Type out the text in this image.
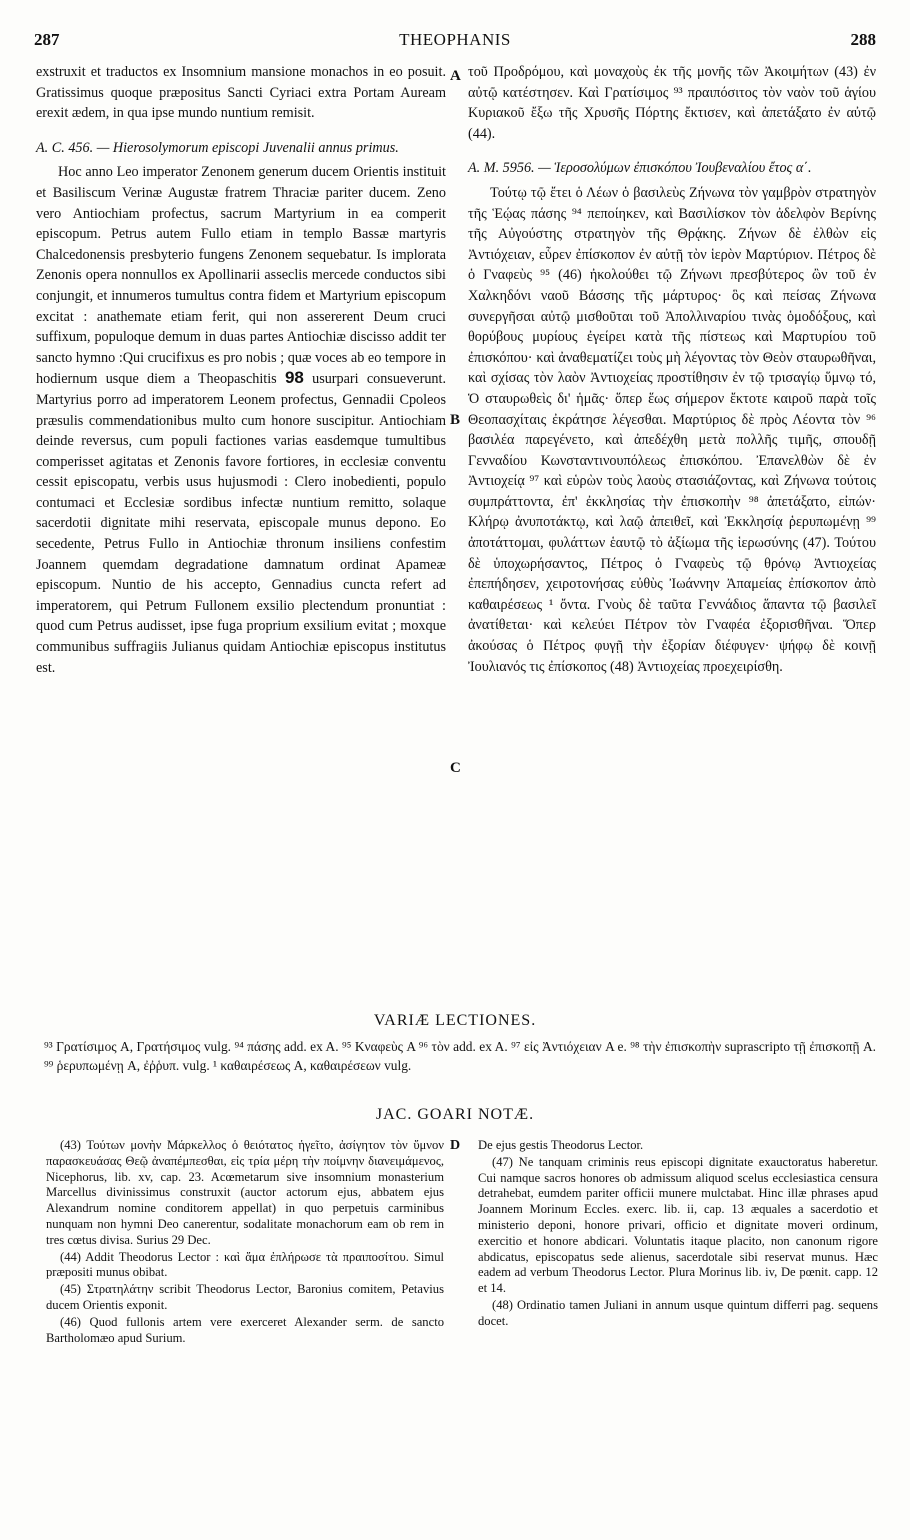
287	THEOPHANIS	288

exstruxit et traductos ex Insomnium mansione monachos in eo posuit. Gratissimus quoque præpositus Sancti Cyriaci extra Portam Auream erexit ædem, in qua ipse mundo nuntium remisit.

A. C. 456. — Hierosolymorum episcopi Juvenalii annus primus.

Hoc anno Leo imperator Zenonem generum ducem Orientis instituit et Basiliscum Verinæ Augustæ fratrem Thraciæ pariter ducem. Zeno vero Antiochiam profectus, sacrum Martyrium in ea comperit episcopum. Petrus autem Fullo etiam in templo Bassæ martyris Chalcedonensis presbyterio fungens Zenonem sequebatur. Is implorata Zenonis opera nonnullos ex Apollinarii asseclis mercede conductos sibi conjungit, et innumeros tumultus contra fidem et Martyrium episcopum excitat : anathemate etiam ferit, qui non assererent Deum cruci suffixum, populoque demum in duas partes Antiochiæ discisso addit ter sancto hymno :Qui crucifixus es pro nobis ; quæ voces ab eo tempore in hodiernum usque diem a Theopaschitis 98 usurpari consueverunt. Martyrius porro ad imperatorem Leonem profectus, Gennadii Cpoleos præsulis commendationibus multo cum honore suscipitur. Antiochiam deinde reversus, cum populi factiones varias easdemque tumultibus comperisset agitatas et Zenonis favore fortiores, in ecclesiæ conventu cessit episcopatu, verbis usus hujusmodi : Clero inobedienti, populo contumaci et Ecclesiæ sordibus infectæ nuntium remitto, solaque sacerdotii dignitate mihi reservata, episcopale munus depono. Eo secedente, Petrus Fullo in Antiochiæ thronum insiliens confestim Joannem quemdam degradatione damnatum ordinat Apameæ episcopum. Nuntio de his accepto, Gennadius cuncta refert ad imperatorem, qui Petrum Fullonem exsilio plectendum pronuntiat : quod cum Petrus audisset, ipse fuga proprium exsilium evitat ; moxque communibus suffragiis Julianus quidam Antiochiæ episcopus institutus est.

A
B
C

τοῦ Προδρόμου, καὶ μοναχοὺς ἐκ τῆς μονῆς τῶν Ἀκοιμήτων (43) ἐν αὐτῷ κατέστησεν. Καὶ Γρατίσιμος ⁹³ πραιπόσιτος τὸν ναὸν τοῦ ἁγίου Κυριακοῦ ἔξω τῆς Χρυσῆς Πόρτης ἔκτισεν, καὶ ἀπετάξατο ἐν αὐτῷ (44).

A. M. 5956. — Ἱεροσολύμων ἐπισκόπου Ἰουβεναλίου ἔτος α΄.

Τούτῳ τῷ ἔτει ὁ Λέων ὁ βασιλεὺς Ζήνωνα τὸν γαμβρὸν στρατηγὸν τῆς Ἑῴας πάσης ⁹⁴ πεποίηκεν, καὶ Βασιλίσκον τὸν ἀδελφὸν Βερίνης τῆς Αὐγούστης στρατηγὸν τῆς Θρᾴκης. Ζήνων δὲ ἐλθὼν εἰς Ἀντιόχειαν, εὗρεν ἐπίσκοπον ἐν αὐτῇ τὸν ἱερὸν Μαρτύριον. Πέτρος δὲ ὁ Γναφεὺς ⁹⁵ (46) ἠκολούθει τῷ Ζήνωνι πρεσβύτερος ὢν τοῦ ἐν Χαλκηδόνι ναοῦ Βάσσης τῆς μάρτυρος· ὃς καὶ πείσας Ζήνωνα συνεργῆσαι αὐτῷ μισθοῦται τοῦ Ἀπολλιναρίου τινὰς ὁμοδόξους, καὶ θορύβους μυρίους ἐγείρει κατὰ τῆς πίστεως καὶ Μαρτυρίου τοῦ ἐπισκόπου· καὶ ἀναθεματίζει τοὺς μὴ λέγοντας τὸν Θεὸν σταυρωθῆναι, καὶ σχίσας τὸν λαὸν Ἀντιοχείας προστίθησιν ἐν τῷ τρισαγίῳ ὕμνῳ τό, Ὁ σταυρωθεὶς δι' ἡμᾶς· ὅπερ ἕως σήμερον ἔκτοτε καιροῦ παρὰ τοῖς Θεοπασχίταις ἐκράτησε λέγεσθαι. Μαρτύριος δὲ πρὸς Λέοντα τὸν ⁹⁶ βασιλέα παρεγένετο, καὶ ἀπεδέχθη μετὰ πολλῆς τιμῆς, σπουδῇ Γενναδίου Κωνσταντινουπόλεως ἐπισκόπου. Ἐπανελθὼν δὲ ἐν Ἀντιοχείᾳ ⁹⁷ καὶ εὑρὼν τοὺς λαοὺς στασιάζοντας, καὶ Ζήνωνα τούτοις συμπράττοντα, ἐπ' ἐκκλησίας τὴν ἐπισκοπὴν ⁹⁸ ἀπετάξατο, εἰπών· Κλήρῳ ἀνυποτάκτῳ, καὶ λαῷ ἀπειθεῖ, καὶ Ἐκκλησίᾳ ῥερυπωμένῃ ⁹⁹ ἀποτάττομαι, φυλάττων ἑαυτῷ τὸ ἀξίωμα τῆς ἱερωσύνης (47). Τούτου δὲ ὑποχωρήσαντος, Πέτρος ὁ Γναφεὺς τῷ θρόνῳ Ἀντιοχείας ἐπεπήδησεν, χειροτονήσας εὐθὺς Ἰωάννην Ἀπαμείας ἐπίσκοπον ἀπὸ καθαιρέσεως ¹ ὄντα. Γνοὺς δὲ ταῦτα Γεννάδιος ἅπαντα τῷ βασιλεῖ ἀνατίθεται· καὶ κελεύει Πέτρον τὸν Γναφέα ἐξορισθῆναι. Ὅπερ ἀκούσας ὁ Πέτρος φυγῇ τὴν ἐξορίαν διέφυγεν· ψήφῳ δὲ κοινῇ Ἰουλιανός τις ἐπίσκοπος (48) Ἀντιοχείας προεχειρίσθη.

VARIÆ LECTIONES.
⁹³ Γρατίσιμος A, Γρατήσιμος vulg. ⁹⁴ πάσης add. ex A. ⁹⁵ Κναφεὺς A ⁹⁶ τὸν add. ex A. ⁹⁷ εἰς Ἀντιόχειαν A e. ⁹⁸ τὴν ἐπισκοπὴν suprascripto τῇ ἐπισκοπῇ A. ⁹⁹ ῥερυπωμένῃ A, ἐῤῥυπ. vulg. ¹ καθαιρέσεως A, καθαιρέσεων vulg.
JAC. GOARI NOTÆ.

(43) Τούτων μονὴν Μάρκελλος ὁ θειότατος ἡγεῖτο, ἀσίγητον τὸν ὕμνον παρασκευάσας Θεῷ ἀναπέμπεσθαι, εἰς τρία μέρη τὴν ποίμνην διανειμάμενος, Nicephorus, lib. xv, cap. 23. Acœmetarum sive insomnium monasterium Marcellus divinissimus construxit (auctor actorum ejus, abbatem ejus Alexandrum nomine conditorem appellat) in quo perpetuis carminibus nunquam non hymni Deo canerentur, sodalitate monachorum eam ob rem in tres cœtus divisa. Surius 29 Dec.

(44) Addit Theodorus Lector : καὶ ἅμα ἐπλήρωσε τὰ πραιποσίτου. Simul præpositi munus obibat.

(45) Στρατηλάτην scribit Theodorus Lector, Baronius comitem, Petavius ducem Orientis exponit.

(46) Quod fullonis artem vere exerceret Alexander serm. de sancto Bartholomæo apud Surium.

D De ejus gestis Theodorus Lector.

(47) Ne tanquam criminis reus episcopi dignitate exauctoratus haberetur. Cui namque sacros honores ob admissum aliquod scelus ecclesiastica censura detrahebat, eumdem pariter officii munere mulctabat. Hinc illæ phrases apud Joannem Morinum Eccles. exerc. lib. ii, cap. 13 æquales a sacerdotio et ministerio deponi, honore privari, officio et dignitate moveri ordinum, exercitio et honore abdicari. Voluntatis itaque placito, non canonum rigore abdicatus, episcopatus sede alienus, sacerdotale sibi reservat munus. Hæc eadem ad verbum Theodorus Lector. Plura Morinus lib. iv, De pœnit. capp. 12 et 14.

(48) Ordinatio tamen Juliani in annum usque quintum differri pag. sequens docet.
